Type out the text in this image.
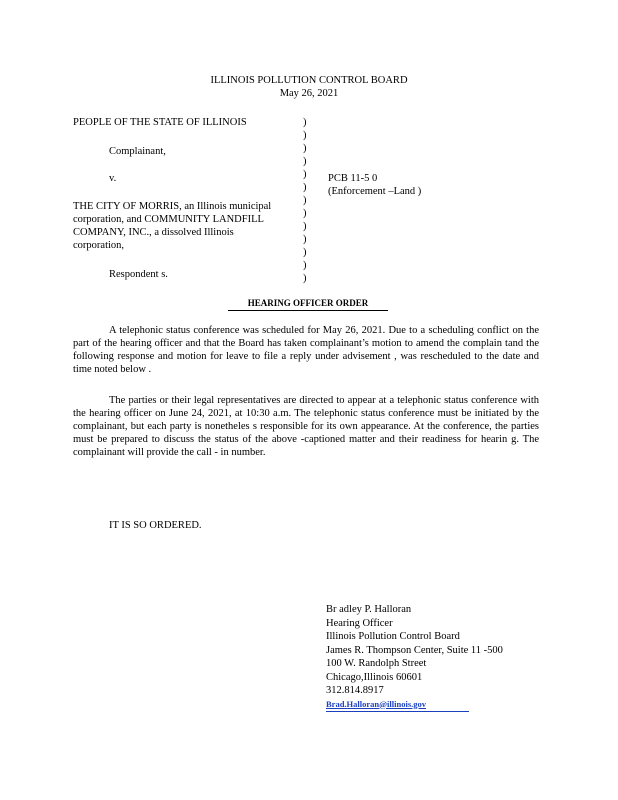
ILLINOIS POLLUTION CONTROL BOARD
May 26, 2021
PEOPLE OF THE STATE OF ILLINOIS
Complainant,
v.
THE CITY OF MORRIS, an Illinois municipal
corporation, and COMMUNITY LANDFILL
COMPANY, INC., a dissolved Illinois
corporation,
Respondent s.
)
)
)
)
)
)
)
)
)
)
)
)
)
PCB 11-5 0
(Enforcement –Land )
HEARING OFFICER ORDER

A telephonic status conference was scheduled for May 26, 2021. Due to a scheduling conflict on the part of the hearing officer and that the Board has taken complainant’s motion to amend the complain tand the following response and motion for leave to file a reply under advisement , was rescheduled to the date and time noted below .

The parties or their legal representatives are directed to appear at a telephonic status conference with the hearing officer on June 24, 2021, at 10:30 a.m. The telephonic status conference must be initiated by the complainant, but each party is nonetheles s responsible for its own appearance. At the conference, the parties must be prepared to discuss the status of the above -captioned matter and their readiness for hearin g. The complainant will provide the call - in number.

IT IS SO ORDERED.
Br adley P. Halloran
Hearing Officer
Illinois Pollution Control Board
James R. Thompson Center, Suite 11 -500
100 W. Randolph Street
Chicago,Illinois 60601
312.814.8917
Brad.Halloran@illinois.gov
